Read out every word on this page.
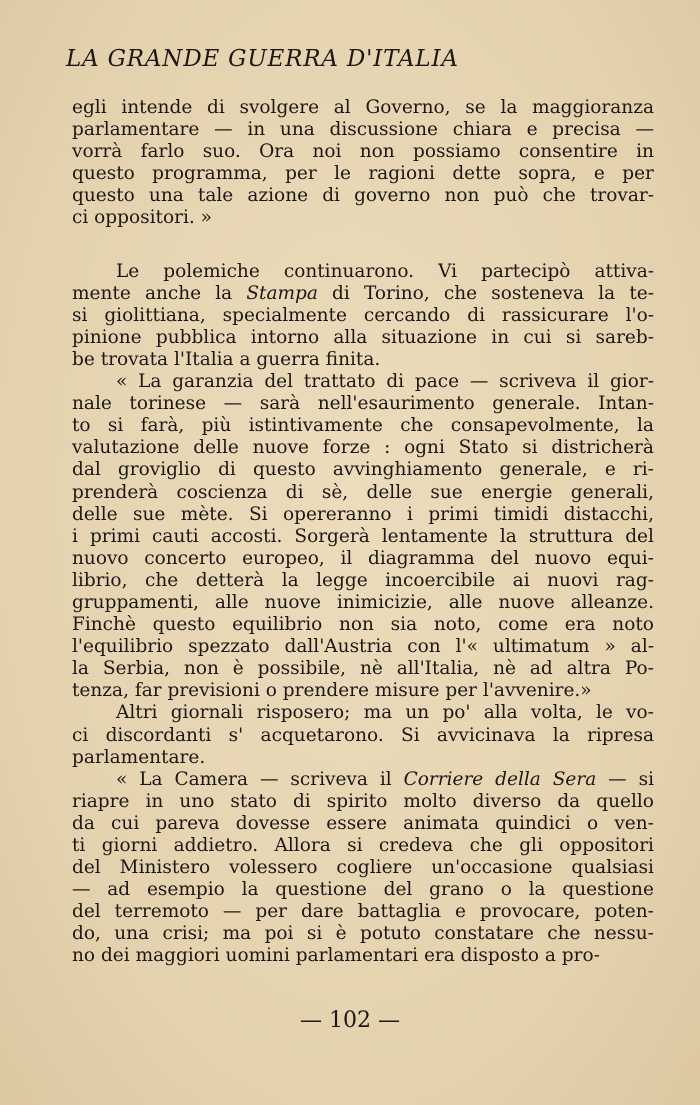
LA GRANDE GUERRA D'ITALIA
egli intende di svolgere al Governo, se la maggioranza
parlamentare — in una discussione chiara e precisa —
vorrà farlo suo. Ora noi non possiamo consentire in
questo programma, per le ragioni dette sopra, e per
questo una tale azione di governo non può che trovar-
ci oppositori. »
Le polemiche continuarono. Vi partecipò attiva-
mente anche la Stampa di Torino, che sosteneva la te-
si giolittiana, specialmente cercando di rassicurare l'o-
pinione pubblica intorno alla situazione in cui si sareb-
be trovata l'Italia a guerra finita.
« La garanzia del trattato di pace — scriveva il gior-
nale torinese — sarà nell'esaurimento generale. Intan-
to si farà, più istintivamente che consapevolmente, la
valutazione delle nuove forze : ogni Stato si districherà
dal groviglio di questo avvinghiamento generale, e ri-
prenderà coscienza di sè, delle sue energie generali,
delle sue mète. Si opereranno i primi timidi distacchi,
i primi cauti accosti. Sorgerà lentamente la struttura del
nuovo concerto europeo, il diagramma del nuovo equi-
librio, che detterà la legge incoercibile ai nuovi rag-
gruppamenti, alle nuove inimicizie, alle nuove alleanze.
Finchè questo equilibrio non sia noto, come era noto
l'equilibrio spezzato dall'Austria con l'« ultimatum » al-
la Serbia, non è possibile, nè all'Italia, nè ad altra Po-
tenza, far previsioni o prendere misure per l'avvenire.»
Altri giornali risposero; ma un po' alla volta, le vo-
ci discordanti s' acquetarono. Si avvicinava la ripresa
parlamentare.
« La Camera — scriveva il Corriere della Sera — si
riapre in uno stato di spirito molto diverso da quello
da cui pareva dovesse essere animata quindici o ven-
ti giorni addietro. Allora si credeva che gli oppositori
del Ministero volessero cogliere un'occasione qualsiasi
— ad esempio la questione del grano o la questione
del terremoto — per dare battaglia e provocare, poten-
do, una crisi; ma poi si è potuto constatare che nessu-
no dei maggiori uomini parlamentari era disposto a pro-
— 102 —
